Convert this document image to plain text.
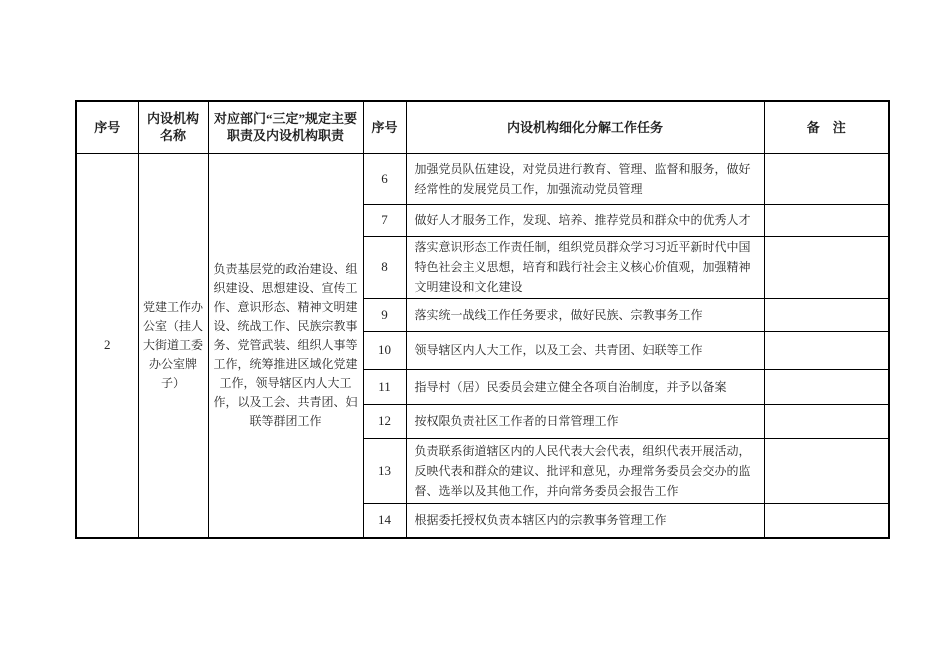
序号	内设机构名称	对应部门“三定”规定主要职责及内设机构职责	序号	内设机构细化分解工作任务	备　注
2	党建工作办公室（挂人大街道工委办公室牌子）	负责基层党的政治建设、组织建设、思想建设、宣传工作、意识形态、精神文明建设、统战工作、民族宗教事务、党管武装、组织人事等工作，统筹推进区域化党建工作，领导辖区内人大工作，以及工会、共青团、妇联等群团工作	6	加强党员队伍建设，对党员进行教育、管理、监督和服务，做好经常性的发展党员工作，加强流动党员管理	
			7	做好人才服务工作，发现、培养、推荐党员和群众中的优秀人才	
			8	落实意识形态工作责任制，组织党员群众学习习近平新时代中国特色社会主义思想，培育和践行社会主义核心价值观，加强精神文明建设和文化建设	
			9	落实统一战线工作任务要求，做好民族、宗教事务工作	
			10	领导辖区内人大工作，以及工会、共青团、妇联等工作	
			11	指导村（居）民委员会建立健全各项自治制度，并予以备案	
			12	按权限负责社区工作者的日常管理工作	
			13	负责联系街道辖区内的人民代表大会代表，组织代表开展活动，反映代表和群众的建议、批评和意见，办理常务委员会交办的监督、选举以及其他工作，并向常务委员会报告工作	
			14	根据委托授权负责本辖区内的宗教事务管理工作	
